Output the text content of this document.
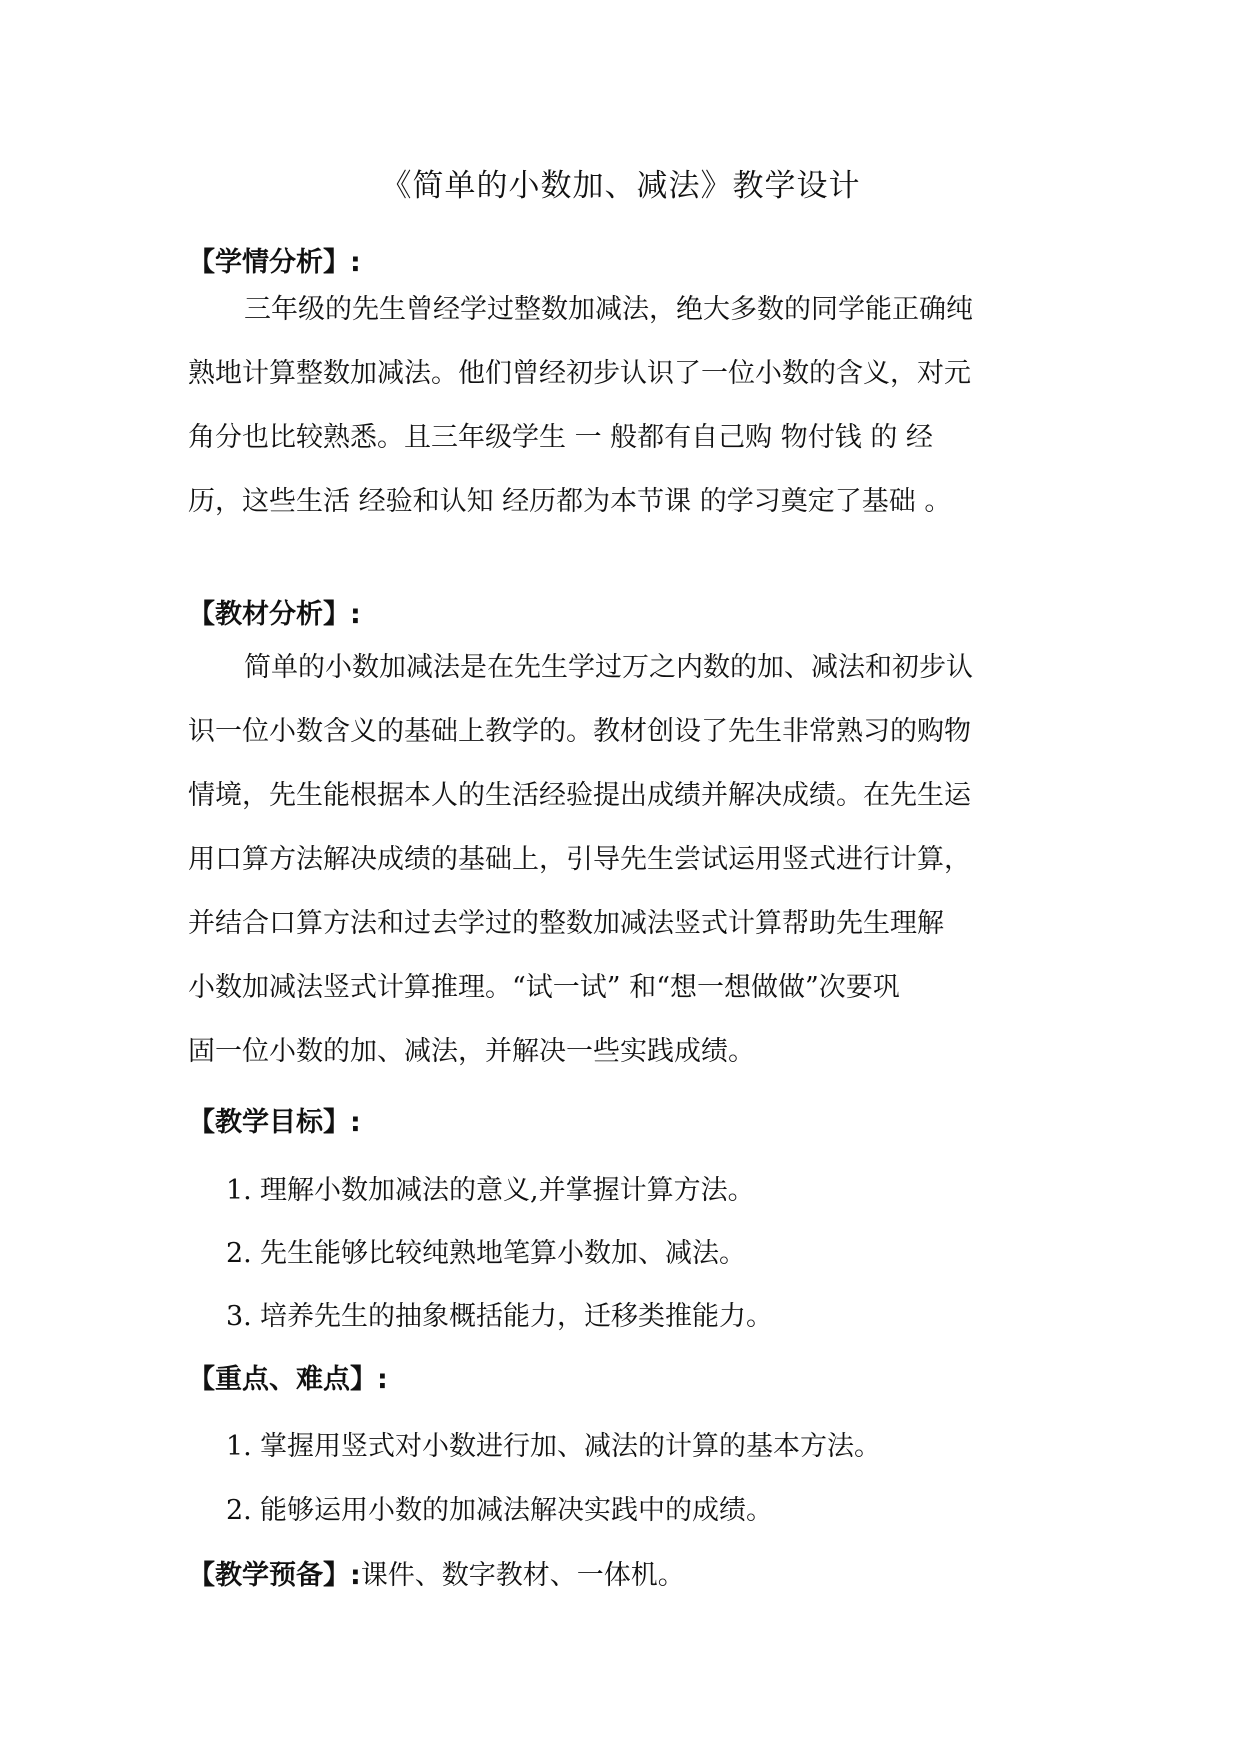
《简单的小数加、减法》教学设计
【学情分析】:
三年级的先生曾经学过整数加减法，绝大多数的同学能正确纯
熟地计算整数加减法。他们曾经初步认识了一位小数的含义，对元
角分也比较熟悉。且三年级学生 一 般都有自己购 物付钱 的 经
历，这些生活 经验和认知 经历都为本节课 的学习奠定了基础 。
【教材分析】:
简单的小数加减法是在先生学过万之内数的加、减法和初步认
识一位小数含义的基础上教学的。教材创设了先生非常熟习的购物
情境，先生能根据本人的生活经验提出成绩并解决成绩。在先生运
用口算方法解决成绩的基础上，引导先生尝试运用竖式进行计算，
并结合口算方法和过去学过的整数加减法竖式计算帮助先生理解
小数加减法竖式计算推理。“试一试” 和“想一想做做”次要巩
固一位小数的加、减法，并解决一些实践成绩。
【教学目标】:
1. 理解小数加减法的意义,并掌握计算方法。
2. 先生能够比较纯熟地笔算小数加、减法。
3. 培养先生的抽象概括能力，迁移类推能力。
【重点、难点】:
1. 掌握用竖式对小数进行加、减法的计算的基本方法。
2. 能够运用小数的加减法解决实践中的成绩。
【教学预备】:课件、数字教材、一体机。
